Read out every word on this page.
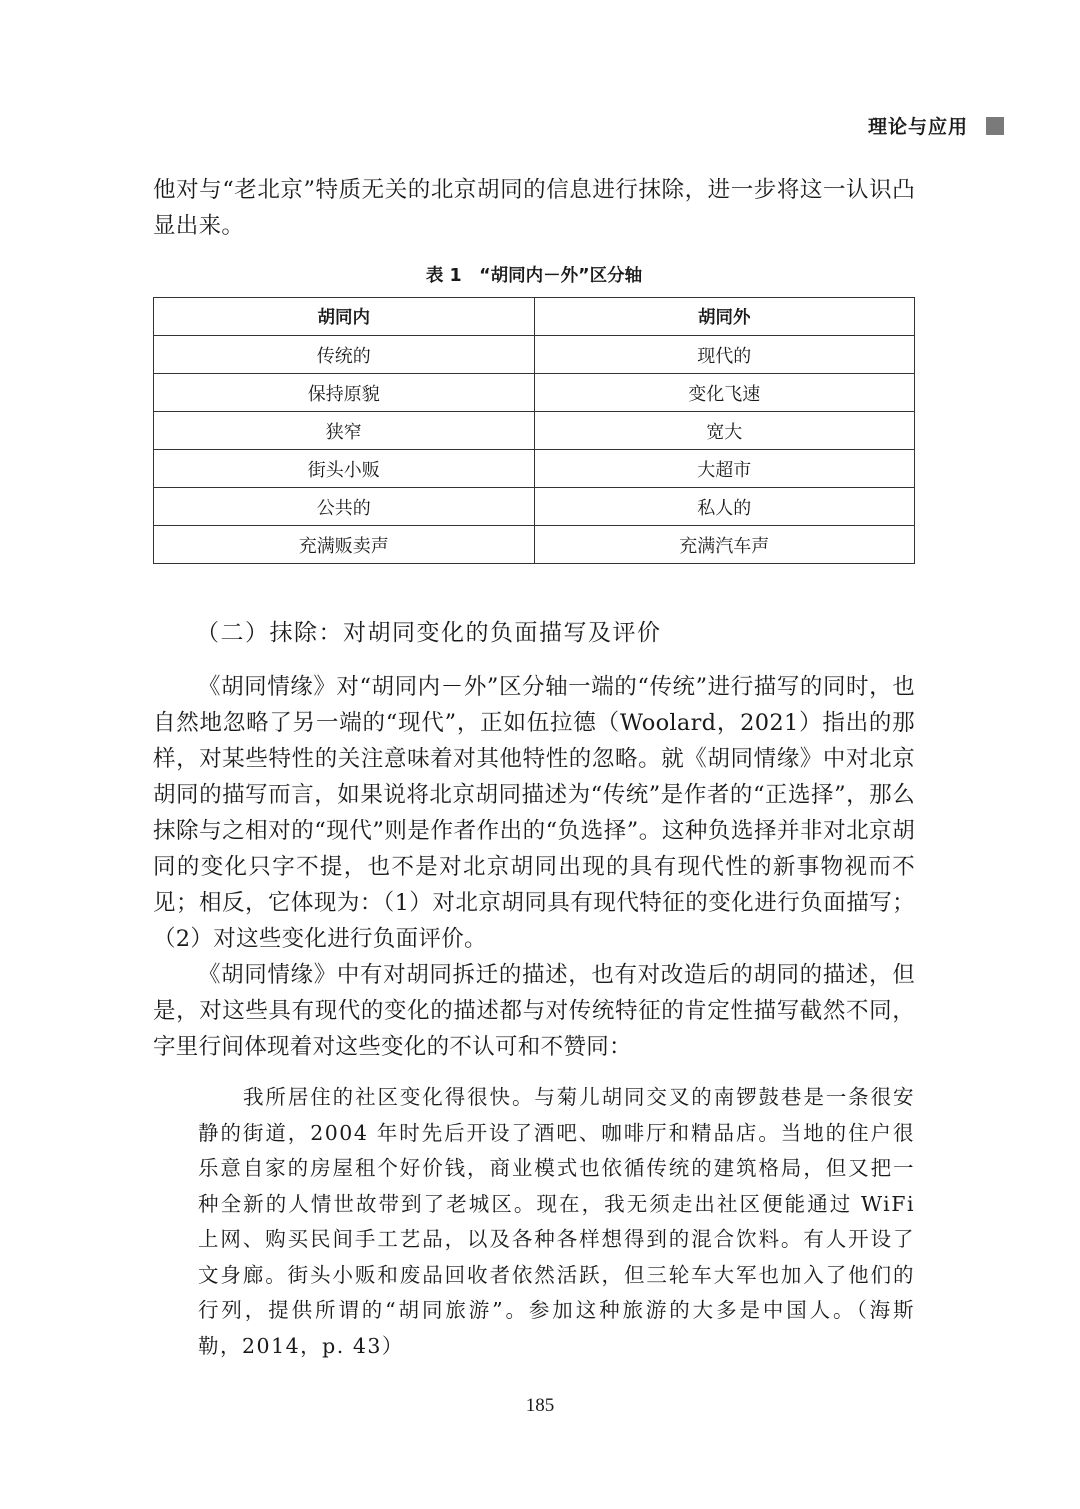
理论与应用
他对与“老北京”特质无关的北京胡同的信息进行抹除，进一步将这一认识凸显出来。
表 1　“胡同内－外”区分轴
胡同内	胡同外
传统的	现代的
保持原貌	变化飞速
狭窄	宽大
街头小贩	大超市
公共的	私人的
充满贩卖声	充满汽车声
（二）抹除：对胡同变化的负面描写及评价
《胡同情缘》对“胡同内－外”区分轴一端的“传统”进行描写的同时，也自然地忽略了另一端的“现代”，正如伍拉德（Woolard，2021）指出的那样，对某些特性的关注意味着对其他特性的忽略。就《胡同情缘》中对北京胡同的描写而言，如果说将北京胡同描述为“传统”是作者的“正选择”，那么抹除与之相对的“现代”则是作者作出的“负选择”。这种负选择并非对北京胡同的变化只字不提，也不是对北京胡同出现的具有现代性的新事物视而不见；相反，它体现为：（1）对北京胡同具有现代特征的变化进行负面描写；（2）对这些变化进行负面评价。
《胡同情缘》中有对胡同拆迁的描述，也有对改造后的胡同的描述，但是，对这些具有现代的变化的描述都与对传统特征的肯定性描写截然不同，字里行间体现着对这些变化的不认可和不赞同：
我所居住的社区变化得很快。与菊儿胡同交叉的南锣鼓巷是一条很安静的街道，2004 年时先后开设了酒吧、咖啡厅和精品店。当地的住户很乐意自家的房屋租个好价钱，商业模式也依循传统的建筑格局，但又把一种全新的人情世故带到了老城区。现在，我无须走出社区便能通过 WiFi 上网、购买民间手工艺品，以及各种各样想得到的混合饮料。有人开设了文身廊。街头小贩和废品回收者依然活跃，但三轮车大军也加入了他们的行列，提供所谓的“胡同旅游”。参加这种旅游的大多是中国人。（海斯勒，2014，p. 43）
185
